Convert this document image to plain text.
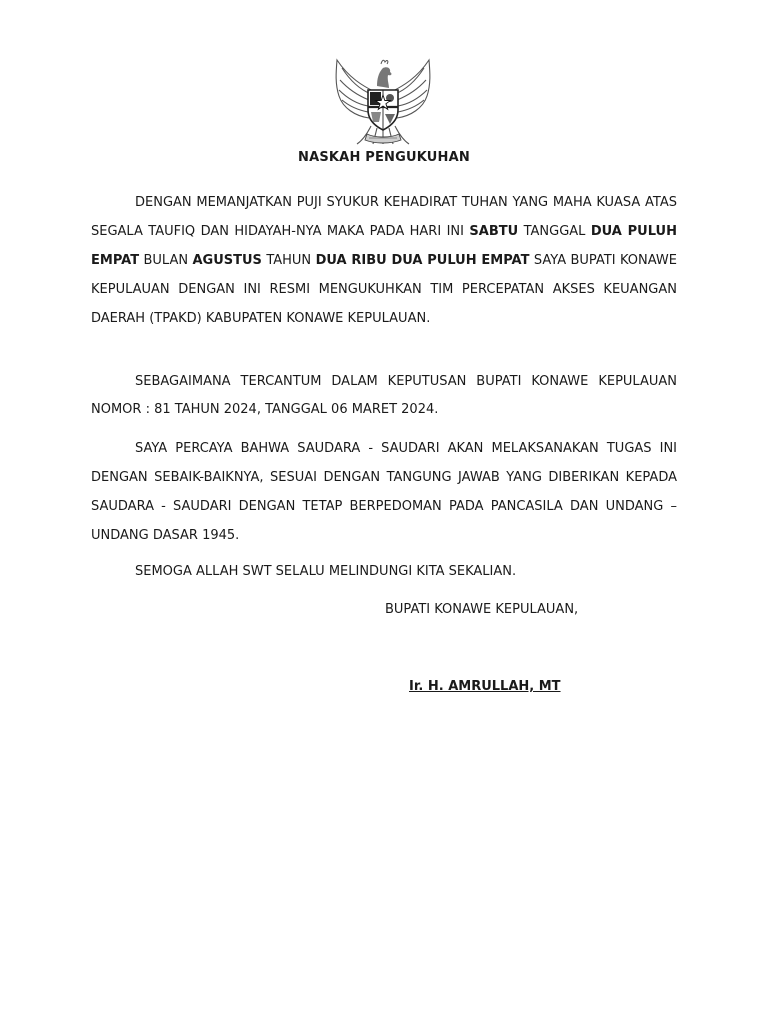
NASKAH PENGUKUHAN

DENGAN MEMANJATKAN PUJI SYUKUR KEHADIRAT TUHAN YANG MAHA KUASA ATAS SEGALA TAUFIQ DAN HIDAYAH-NYA MAKA PADA HARI INI SABTU TANGGAL DUA PULUH EMPAT BULAN AGUSTUS TAHUN DUA RIBU DUA PULUH EMPAT SAYA BUPATI KONAWE KEPULAUAN DENGAN INI RESMI MENGUKUHKAN TIM PERCEPATAN AKSES KEUANGAN DAERAH (TPAKD) KABUPATEN KONAWE KEPULAUAN.

SEBAGAIMANA TERCANTUM DALAM KEPUTUSAN BUPATI KONAWE KEPULAUAN NOMOR : 81 TAHUN 2024, TANGGAL 06 MARET 2024.

SAYA PERCAYA BAHWA SAUDARA - SAUDARI AKAN MELAKSANAKAN TUGAS INI DENGAN SEBAIK-BAIKNYA, SESUAI DENGAN TANGUNG JAWAB YANG DIBERIKAN KEPADA SAUDARA - SAUDARI DENGAN TETAP BERPEDOMAN PADA PANCASILA DAN UNDANG – UNDANG DASAR 1945.

SEMOGA ALLAH SWT SELALU MELINDUNGI KITA SEKALIAN.

BUPATI KONAWE KEPULAUAN,
Ir. H. AMRULLAH, MT
